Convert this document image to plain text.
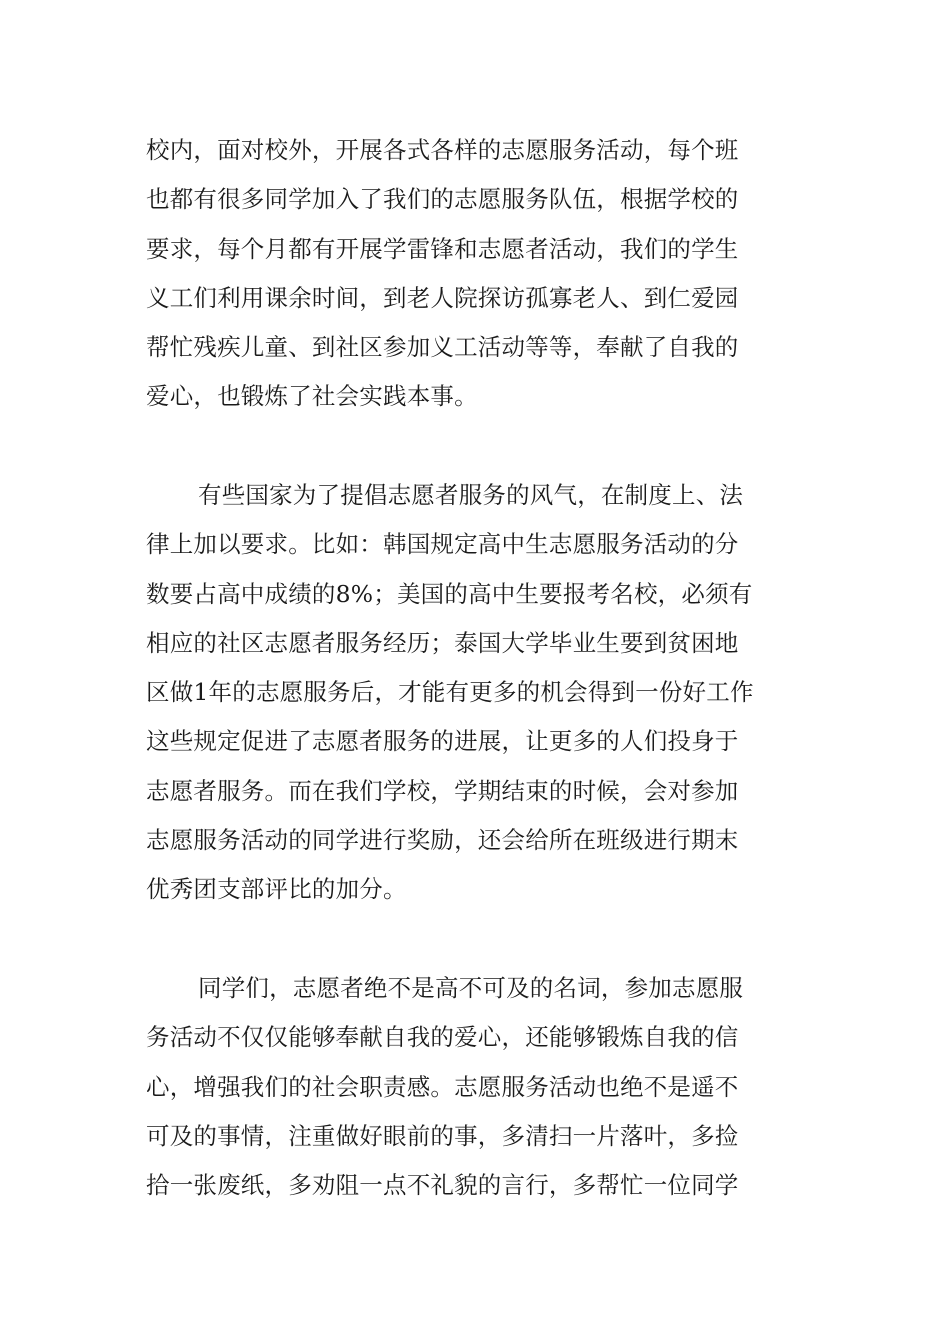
校内，面对校外，开展各式各样的志愿服务活动，每个班
也都有很多同学加入了我们的志愿服务队伍，根据学校的
要求，每个月都有开展学雷锋和志愿者活动，我们的学生
义工们利用课余时间，到老人院探访孤寡老人、到仁爱园
帮忙残疾儿童、到社区参加义工活动等等，奉献了自我的
爱心，也锻炼了社会实践本事。

有些国家为了提倡志愿者服务的风气，在制度上、法
律上加以要求。比如：韩国规定高中生志愿服务活动的分
数要占高中成绩的8%；美国的高中生要报考名校，必须有
相应的社区志愿者服务经历；泰国大学毕业生要到贫困地
区做1年的志愿服务后，才能有更多的机会得到一份好工作
这些规定促进了志愿者服务的进展，让更多的人们投身于
志愿者服务。而在我们学校，学期结束的时候，会对参加
志愿服务活动的同学进行奖励，还会给所在班级进行期末
优秀团支部评比的加分。

同学们，志愿者绝不是高不可及的名词，参加志愿服
务活动不仅仅能够奉献自我的爱心，还能够锻炼自我的信
心，增强我们的社会职责感。志愿服务活动也绝不是遥不
可及的事情，注重做好眼前的事，多清扫一片落叶，多捡
拾一张废纸，多劝阻一点不礼貌的言行，多帮忙一位同学
